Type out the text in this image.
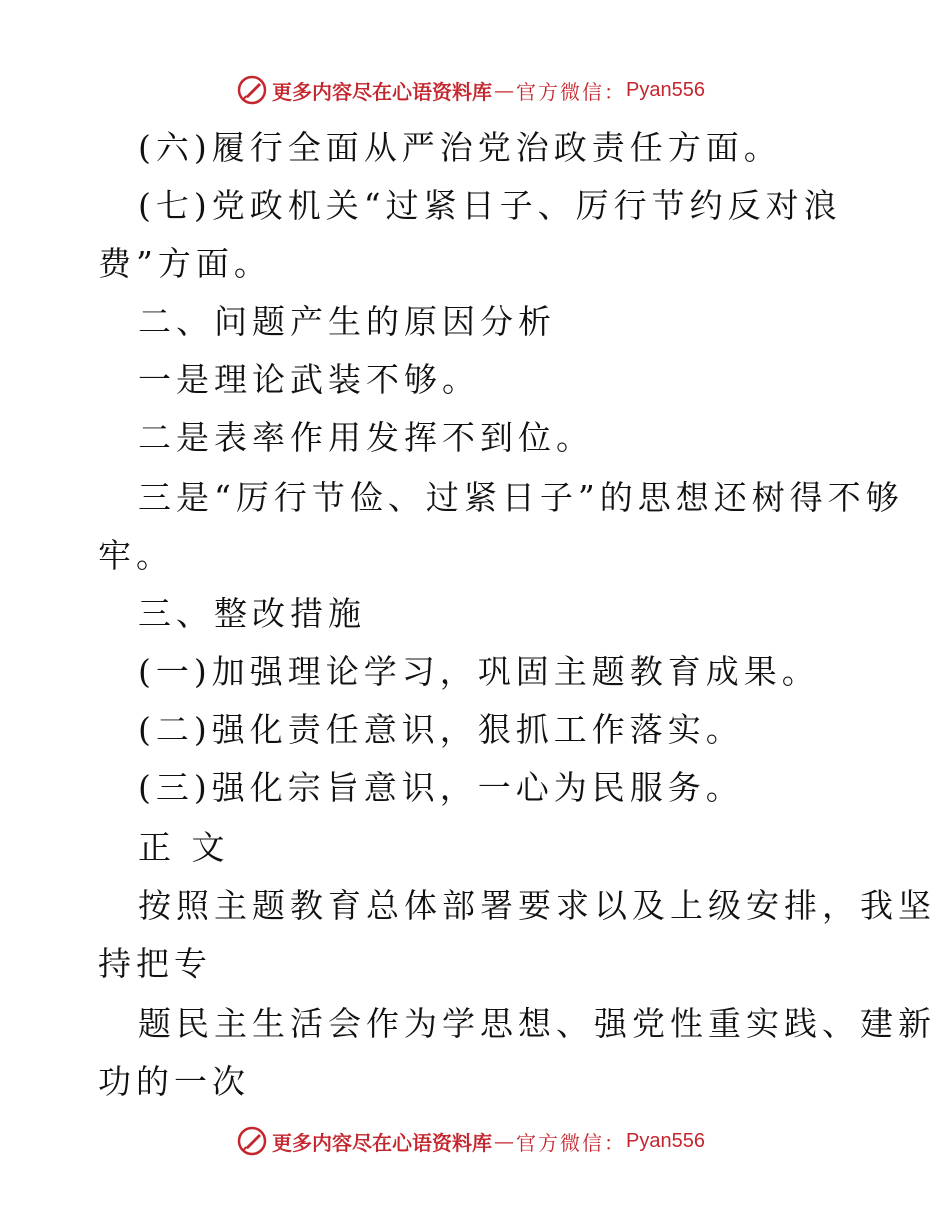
更多内容尽在心语资料库 — 官方微信： Pyan556
(六)履行全面从严治党治政责任方面。
(七)党政机关“过紧日子、厉行节约反对浪
费”方面。
二、问题产生的原因分析
一是理论武装不够。
二是表率作用发挥不到位。
三是“厉行节俭、过紧日子”的思想还树得不够
牢。
三、整改措施
(一)加强理论学习，巩固主题教育成果。
(二)强化责任意识，狠抓工作落实。
(三)强化宗旨意识，一心为民服务。
正 文
按照主题教育总体部署要求以及上级安排，我坚
持把专
题民主生活会作为学思想、强党性重实践、建新
功的一次
更多内容尽在心语资料库 — 官方微信： Pyan556
